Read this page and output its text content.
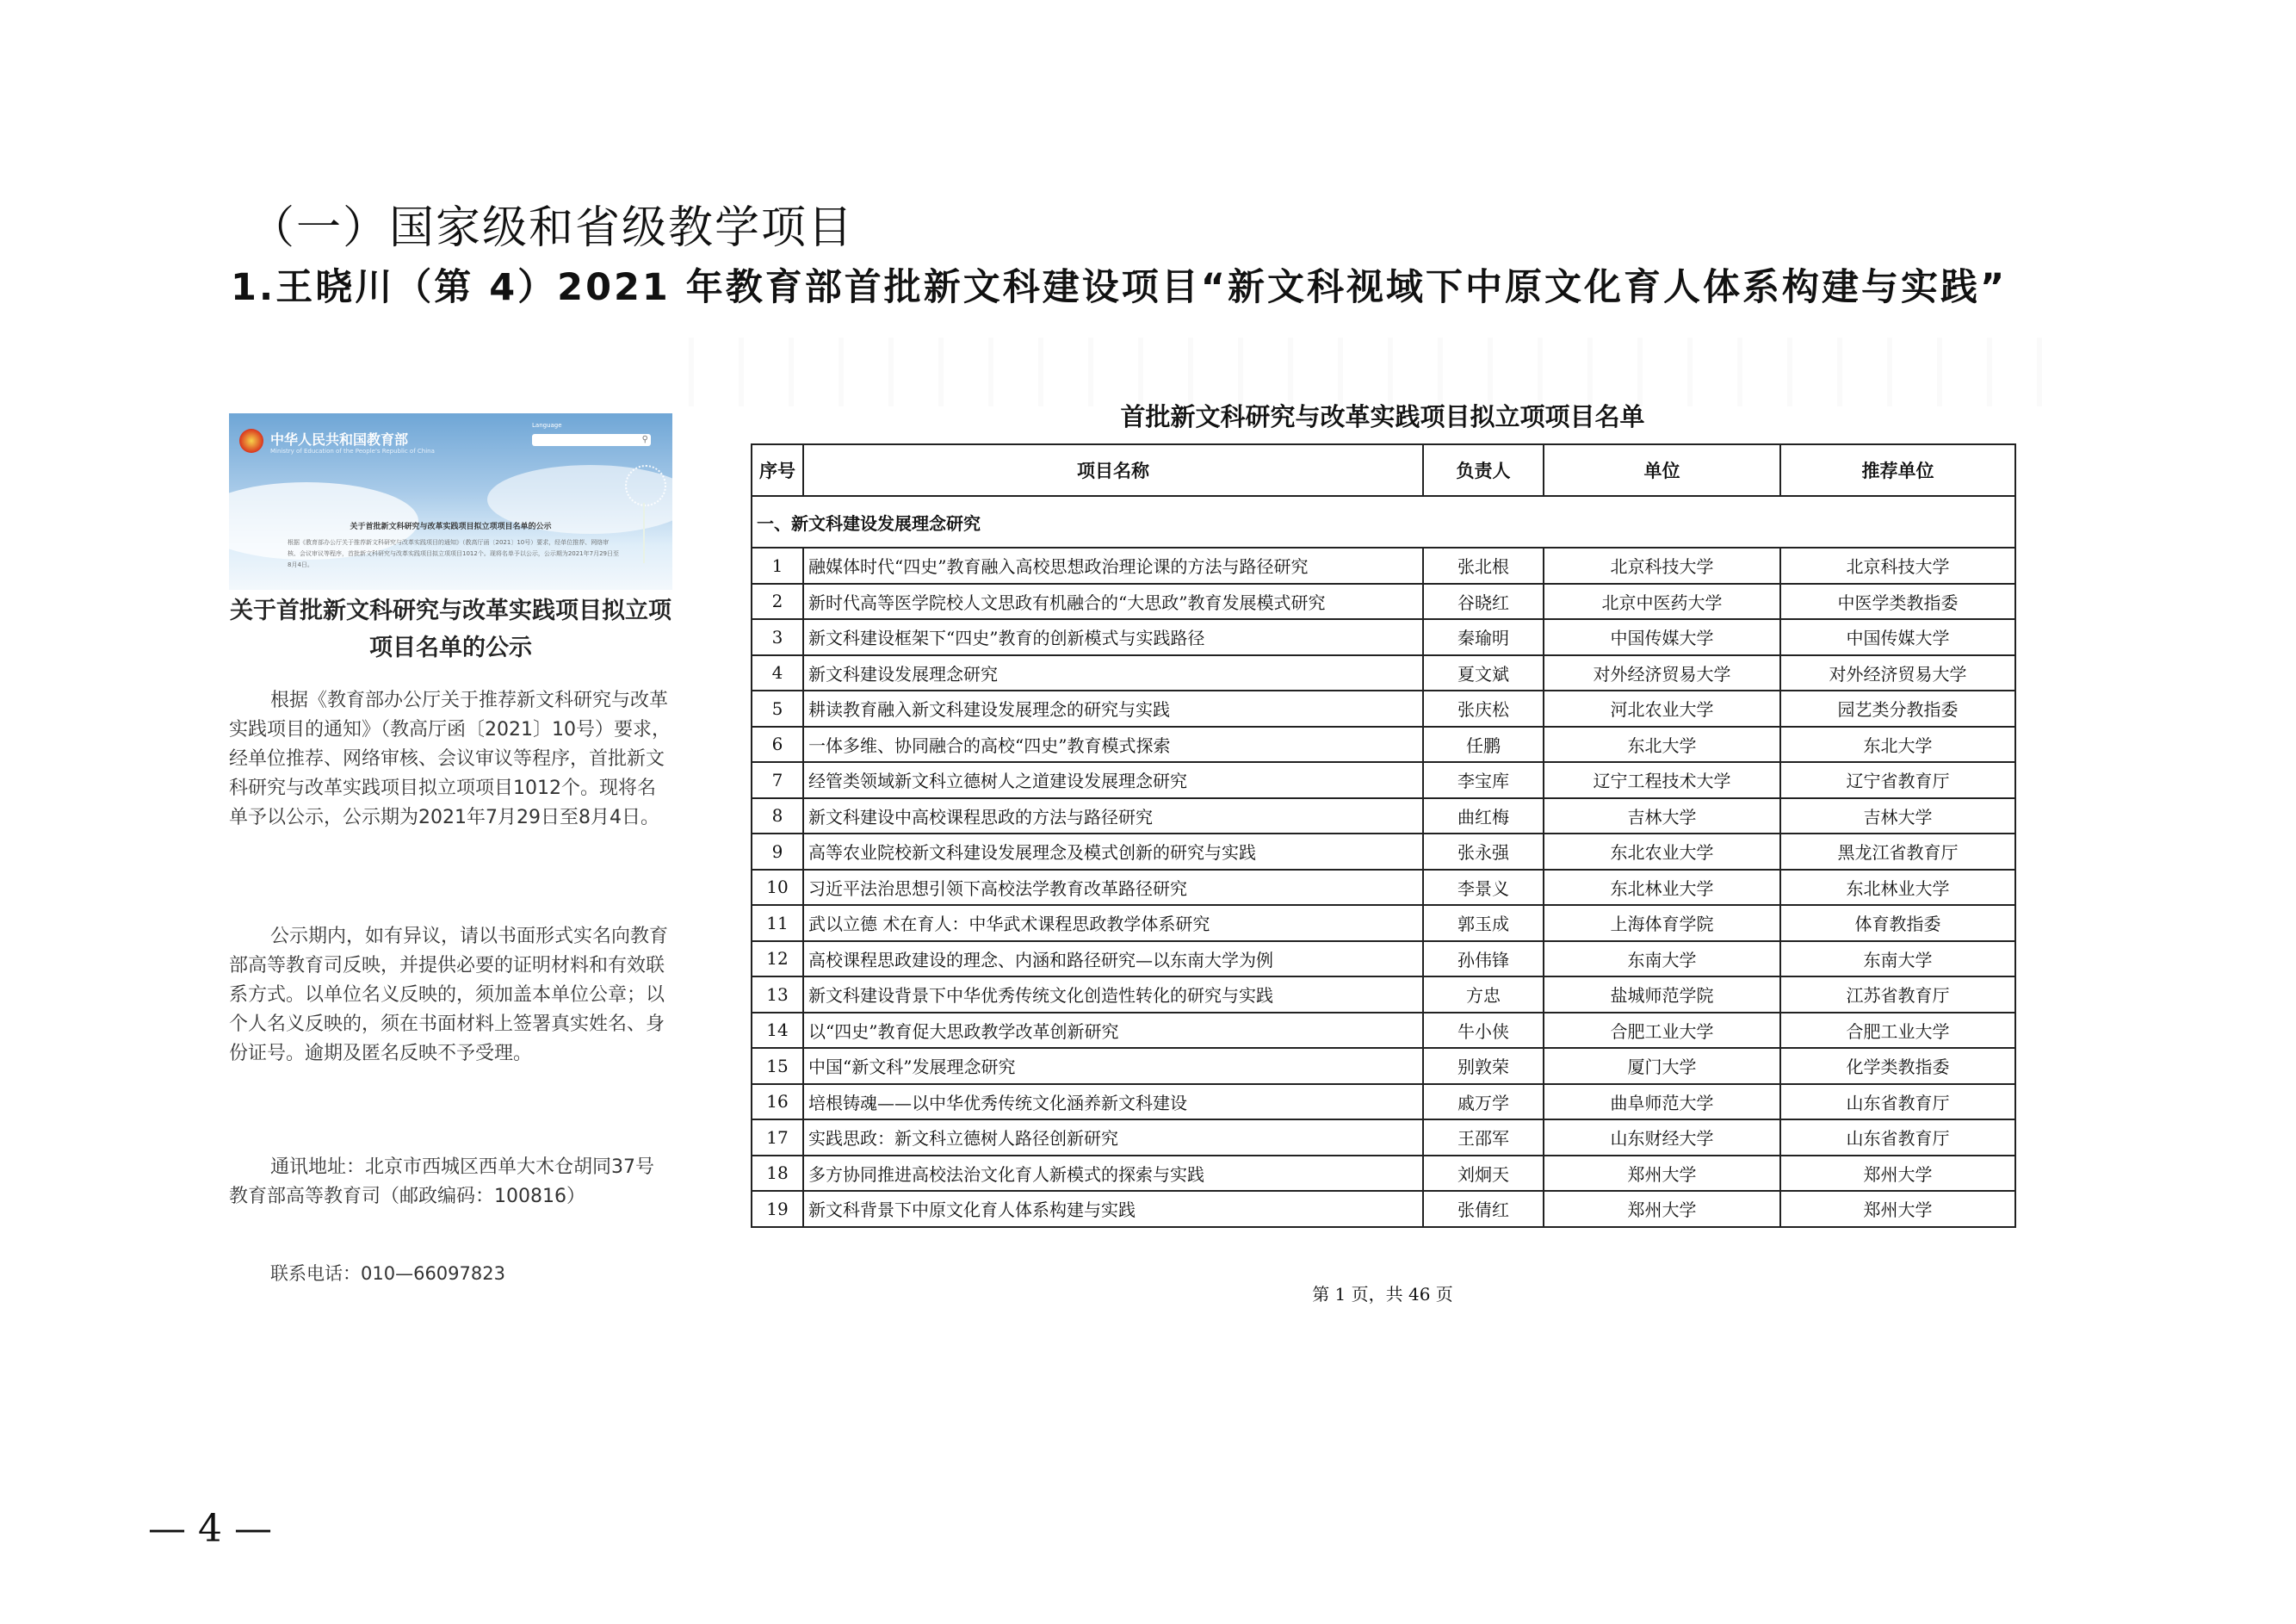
（一）国家级和省级教学项目
1.王晓川（第 4）2021 年教育部首批新文科建设项目“新文科视域下中原文化育人体系构建与实践”
中华人民共和国教育部
Ministry of Education of the People's Republic of China
Language
⚲
关于首批新文科研究与改革实践项目拟立项项目名单的公示
根据《教育部办公厅关于推荐新文科研究与改革实践项目的通知》（教高厅函〔2021〕10号）要求，经单位推荐、网络审核、会议审议等程序，首批新文科研究与改革实践项目拟立项项目1012个。现将名单予以公示，公示期为2021年7月29日至8月4日。
关于首批新文科研究与改革实践项目拟立项项目名单的公示
根据《教育部办公厅关于推荐新文科研究与改革实践项目的通知》（教高厅函〔2021〕10号）要求，经单位推荐、网络审核、会议审议等程序，首批新文科研究与改革实践项目拟立项项目1012个。现将名单予以公示，公示期为2021年7月29日至8月4日。
公示期内，如有异议，请以书面形式实名向教育部高等教育司反映，并提供必要的证明材料和有效联系方式。以单位名义反映的，须加盖本单位公章；以个人名义反映的，须在书面材料上签署真实姓名、身份证号。逾期及匿名反映不予受理。
通讯地址：北京市西城区西单大木仓胡同37号教育部高等教育司（邮政编码：100816）
联系电话：010—66097823
首批新文科研究与改革实践项目拟立项项目名单
序号	项目名称	负责人	单位	推荐单位
一、新文科建设发展理念研究				
1	融媒体时代“四史”教育融入高校思想政治理论课的方法与路径研究	张北根	北京科技大学	北京科技大学
2	新时代高等医学院校人文思政有机融合的“大思政”教育发展模式研究	谷晓红	北京中医药大学	中医学类教指委
3	新文科建设框架下“四史”教育的创新模式与实践路径	秦瑜明	中国传媒大学	中国传媒大学
4	新文科建设发展理念研究	夏文斌	对外经济贸易大学	对外经济贸易大学
5	耕读教育融入新文科建设发展理念的研究与实践	张庆松	河北农业大学	园艺类分教指委
6	一体多维、协同融合的高校“四史”教育模式探索	任鹏	东北大学	东北大学
7	经管类领域新文科立德树人之道建设发展理念研究	李宝库	辽宁工程技术大学	辽宁省教育厅
8	新文科建设中高校课程思政的方法与路径研究	曲红梅	吉林大学	吉林大学
9	高等农业院校新文科建设发展理念及模式创新的研究与实践	张永强	东北农业大学	黑龙江省教育厅
10	习近平法治思想引领下高校法学教育改革路径研究	李景义	东北林业大学	东北林业大学
11	武以立德 术在育人：中华武术课程思政教学体系研究	郭玉成	上海体育学院	体育教指委
12	高校课程思政建设的理念、内涵和路径研究—以东南大学为例	孙伟锋	东南大学	东南大学
13	新文科建设背景下中华优秀传统文化创造性转化的研究与实践	方忠	盐城师范学院	江苏省教育厅
14	以“四史”教育促大思政教学改革创新研究	牛小侠	合肥工业大学	合肥工业大学
15	中国“新文科”发展理念研究	别敦荣	厦门大学	化学类教指委
16	培根铸魂——以中华优秀传统文化涵养新文科建设	戚万学	曲阜师范大学	山东省教育厅
17	实践思政：新文科立德树人路径创新研究	王邵军	山东财经大学	山东省教育厅
18	多方协同推进高校法治文化育人新模式的探索与实践	刘炯天	郑州大学	郑州大学
19	新文科背景下中原文化育人体系构建与实践	张倩红	郑州大学	郑州大学
第 1 页，共 46 页
— 4 —
